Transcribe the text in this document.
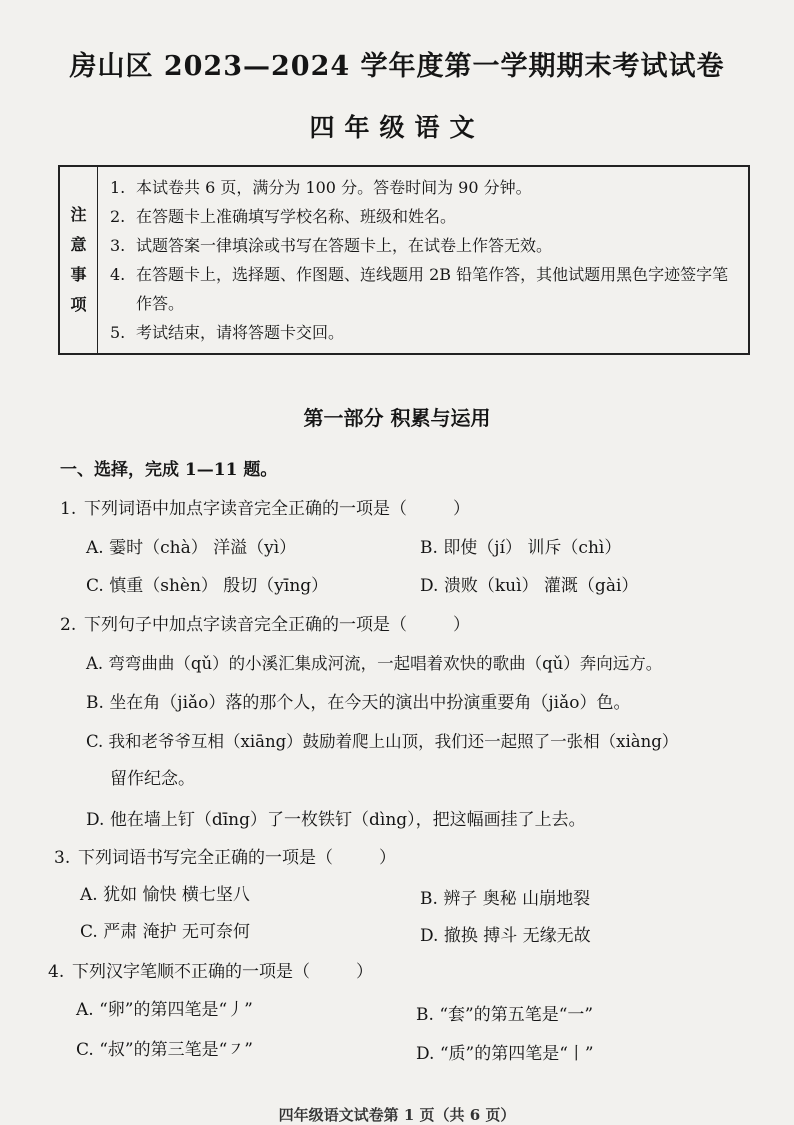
房山区 2023—2024 学年度第一学期期末考试试卷
四年级语文
注
意
事
项
1. 本试卷共 6 页，满分为 100 分。答卷时间为 90 分钟。
2. 在答题卡上准确填写学校名称、班级和姓名。
3. 试题答案一律填涂或书写在答题卡上，在试卷上作答无效。
4. 在答题卡上，选择题、作图题、连线题用 2B 铅笔作答，其他试题用黑色字迹签字笔作答。
5. 考试结束，请将答题卡交回。
第一部分 积累与运用
一、选择，完成 1—11 题。
1. 下列词语中加点字读音完全正确的一项是（	）
A. 霎时（chà） 洋溢（yì）	B. 即使（jí） 训斥（chì）
C. 慎重（shèn） 殷切（yīng）	D. 溃败（kuì） 灌溉（gài）
2. 下列句子中加点字读音完全正确的一项是（	）
A. 弯弯曲曲（qǔ）的小溪汇集成河流，一起唱着欢快的歌曲（qǔ）奔向远方。
B. 坐在角（jiǎo）落的那个人，在今天的演出中扮演重要角（jiǎo）色。
C. 我和老爷爷互相（xiāng）鼓励着爬上山顶，我们还一起照了一张相（xiàng）
留作纪念。
D. 他在墙上钉（dīng）了一枚铁钉（dìng），把这幅画挂了上去。
3. 下列词语书写完全正确的一项是（	）
A. 犹如 愉快 横七坚八	B. 辨子 奥秘 山崩地裂
C. 严肃 淹护 无可奈何	D. 撤换 搏斗 无缘无故
4. 下列汉字笔顺不正确的一项是（	）
A. “卵”的第四笔是“丿”	B. “套”的第五笔是“一”
C. “叔”的第三笔是“㇇”	D. “质”的第四笔是“丨”
四年级语文试卷第 1 页（共 6 页）
